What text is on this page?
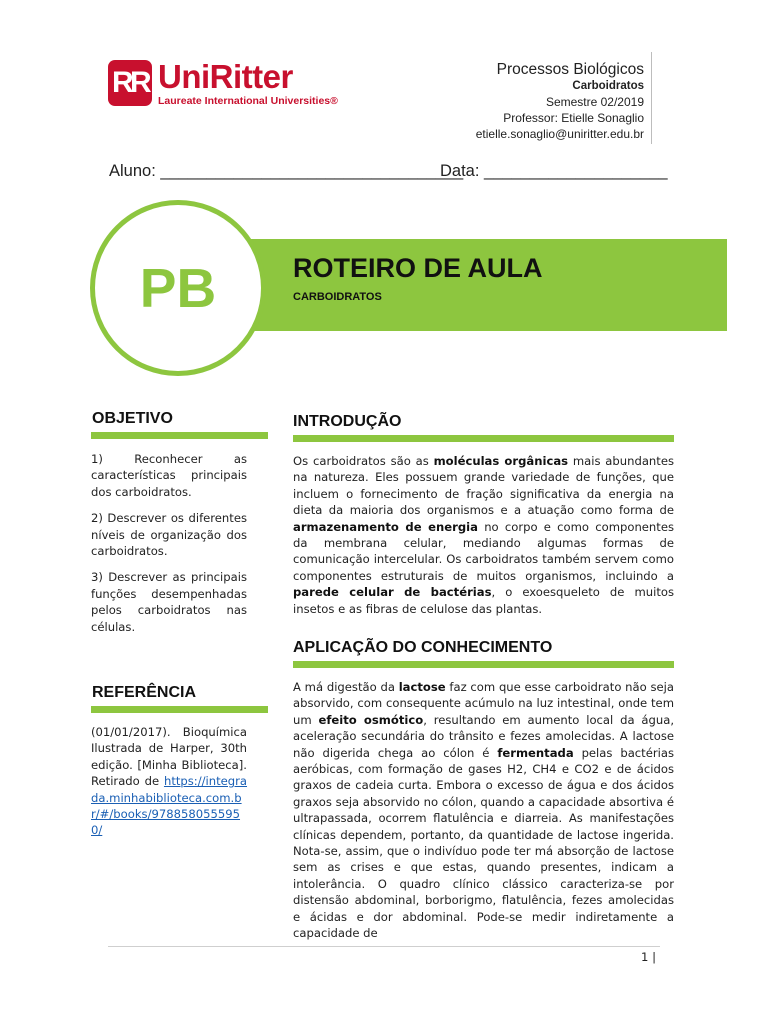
R
R UniRitter
Laureate International Universities®
Processos Biológicos
Carboidratos
Semestre 02/2019
Professor: Etielle Sonaglio
etielle.sonaglio@uniritter.edu.br
Aluno: _________________________________
Data: ____________________
PB	ROTEIRO DE AULA
CARBOIDRATOS
OBJETIVO

1) Reconhecer as características principais dos carboidratos.

2) Descrever os diferentes níveis de organização dos carboidratos.

3) Descrever as principais funções desempenhadas pelos carboidratos nas células.

REFERÊNCIA

(01/01/2017). Bioquímica Ilustrada de Harper, 30th edição. [Minha Biblioteca]. Retirado de https://integrada.minhabiblioteca.com.br/#/books/9788580555950/

INTRODUÇÃO

Os carboidratos são as moléculas orgânicas mais abundantes na natureza. Eles possuem grande variedade de funções, que incluem o fornecimento de fração significativa da energia na dieta da maioria dos organismos e a atuação como forma de armazenamento de energia no corpo e como componentes da membrana celular, mediando algumas formas de comunicação intercelular. Os carboidratos também servem como componentes estruturais de muitos organismos, incluindo a parede celular de bactérias, o exoesqueleto de muitos insetos e as fibras de celulose das plantas.

APLICAÇÃO DO CONHECIMENTO

A má digestão da lactose faz com que esse carboidrato não seja absorvido, com consequente acúmulo na luz intestinal, onde tem um efeito osmótico, resultando em aumento local da água, aceleração secundária do trânsito e fezes amolecidas. A lactose não digerida chega ao cólon é fermentada pelas bactérias aeróbicas, com formação de gases H2, CH4 e CO2 e de ácidos graxos de cadeia curta. Embora o excesso de água e dos ácidos graxos seja absorvido no cólon, quando a capacidade absortiva é ultrapassada, ocorrem flatulência e diarreia. As manifestações clínicas dependem, portanto, da quantidade de lactose ingerida. Nota-se, assim, que o indivíduo pode ter má absorção de lactose sem as crises e que estas, quando presentes, indicam a intolerância. O quadro clínico clássico caracteriza-se por distensão abdominal, borborigmo, flatulência, fezes amolecidas e ácidas e dor abdominal. Pode-se medir indiretamente a capacidade de

1 |
